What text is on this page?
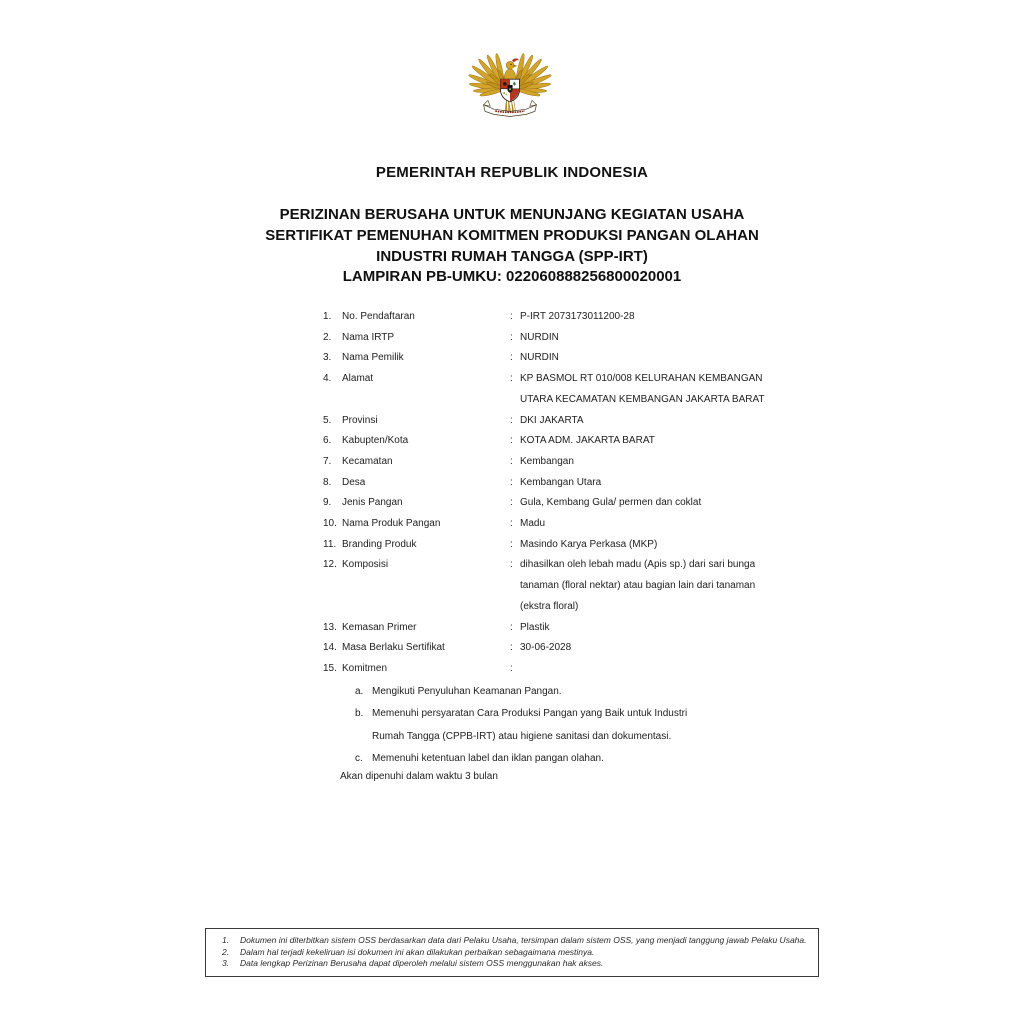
★
PEMERINTAH REPUBLIK INDONESIA
PERIZINAN BERUSAHA UNTUK MENUNJANG KEGIATAN USAHA
SERTIFIKAT PEMENUHAN KOMITMEN PRODUKSI PANGAN OLAHAN
INDUSTRI RUMAH TANGGA (SPP-IRT)
LAMPIRAN PB-UMKU: 022060888256800020001
1.	No. Pendaftaran	: P-IRT 2073173011200-28
2.	Nama IRTP	: NURDIN
3.	Nama Pemilik	: NURDIN
4.	Alamat	: KP BASMOL RT 010/008 KELURAHAN KEMBANGAN UTARA KECAMATAN KEMBANGAN JAKARTA BARAT
5.	Provinsi	: DKI JAKARTA
6.	Kabupten/Kota	: KOTA ADM. JAKARTA BARAT
7.	Kecamatan	: Kembangan
8.	Desa	: Kembangan Utara
9.	Jenis Pangan	: Gula, Kembang Gula/ permen dan coklat
10. Nama Produk Pangan	: Madu
11. Branding Produk	: Masindo Karya Perkasa (MKP)
12. Komposisi	: dihasilkan oleh lebah madu (Apis sp.) dari sari bunga tanaman (floral nektar) atau bagian lain dari tanaman (ekstra floral)
13. Kemasan Primer	: Plastik
14. Masa Berlaku Sertifikat	: 30-06-2028
15. Komitmen	:
a. Mengikuti Penyuluhan Keamanan Pangan.
b. Memenuhi persyaratan Cara Produksi Pangan yang Baik untuk Industri Rumah Tangga (CPPB-IRT) atau higiene sanitasi dan dokumentasi.
c. Memenuhi ketentuan label dan iklan pangan olahan.
Akan dipenuhi dalam waktu 3 bulan
1.	Dokumen ini diterbitkan sistem OSS berdasarkan data dari Pelaku Usaha, tersimpan dalam sistem OSS, yang menjadi tanggung jawab Pelaku Usaha.
2.	Dalam hal terjadi kekeliruan isi dokumen ini akan dilakukan perbaikan sebagaimana mestinya.
3.	Data lengkap Perizinan Berusaha dapat diperoleh melalui sistem OSS menggunakan hak akses.
